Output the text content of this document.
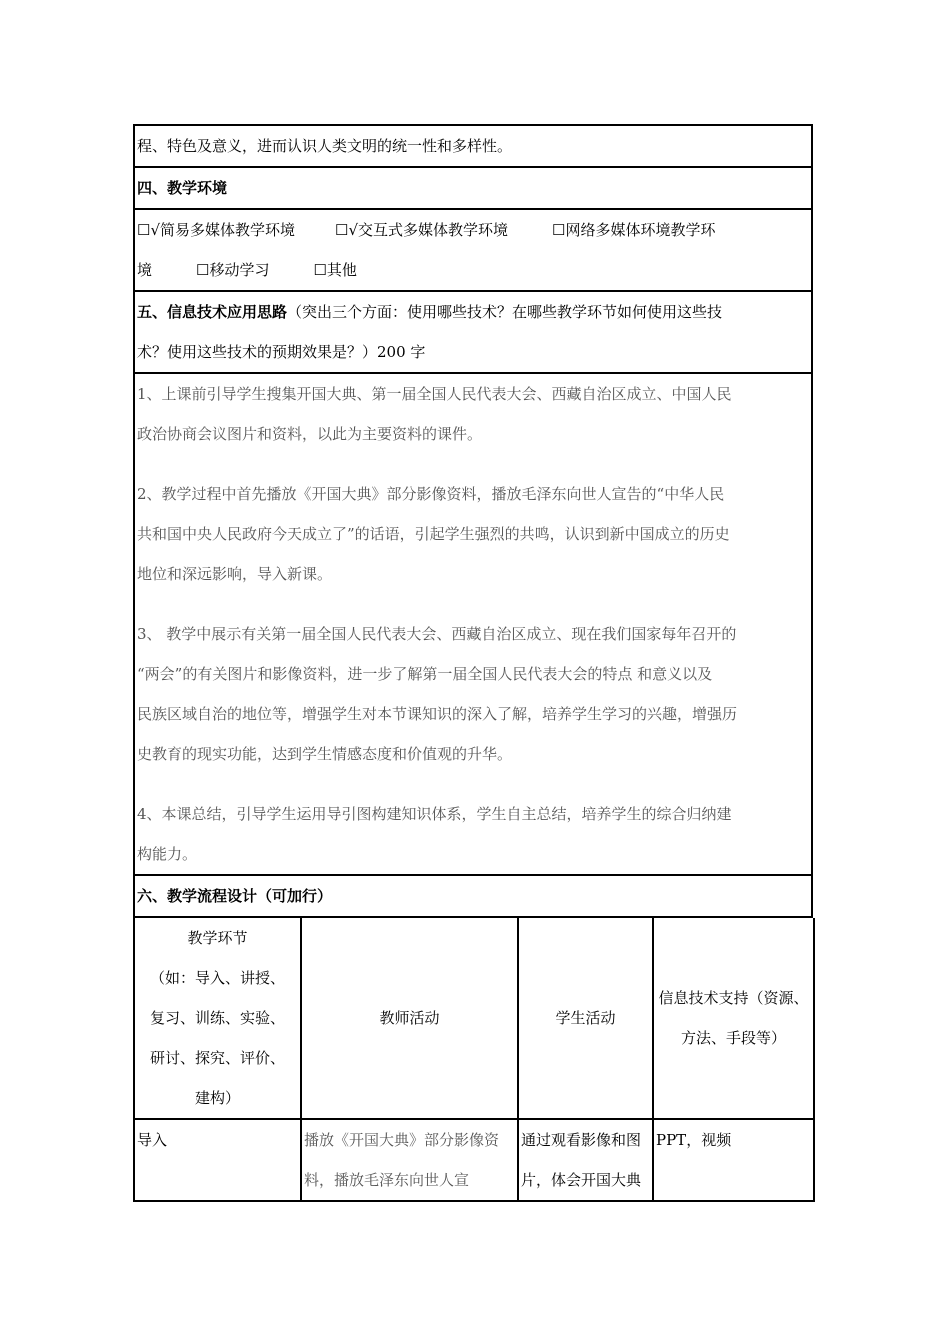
程、特色及意义，进而认识人类文明的统一性和多样性。
四、教学环境
☐√简易多媒体教学环境	☐√交互式多媒体教学环境	☐网络多媒体环境教学环
境	☐移动学习	☐其他
五、信息技术应用思路（突出三个方面：使用哪些技术？在哪些教学环节如何使用这些技
术？使用这些技术的预期效果是？）200 字

1、上课前引导学生搜集开国大典、第一届全国人民代表大会、西藏自治区成立、中国人民
政治协商会议图片和资料，以此为主要资料的课件。

2、教学过程中首先播放《开国大典》部分影像资料，播放毛泽东向世人宣告的“中华人民
共和国中央人民政府今天成立了”的话语，引起学生强烈的共鸣，认识到新中国成立的历史
地位和深远影响，导入新课。

3、 教学中展示有关第一届全国人民代表大会、西藏自治区成立、现在我们国家每年召开的
“两会”的有关图片和影像资料，进一步了解第一届全国人民代表大会的特点 和意义以及
民族区域自治的地位等，增强学生对本节课知识的深入了解，培养学生学习的兴趣，增强历
史教育的现实功能，达到学生情感态度和价值观的升华。

4、本课总结，引导学生运用导引图构建知识体系，学生自主总结，培养学生的综合归纳建
构能力。

六、教学流程设计（可加行）
教学环节
（如：导入、讲授、
复习、训练、实验、
研讨、探究、评价、
建构）	教师活动	学生活动	信息技术支持（资源、方法、手段等）
导入	播放《开国大典》部分影像资料，播放毛泽东向世人宣	通过观看影像和图片，体会开国大典	PPT，视频
